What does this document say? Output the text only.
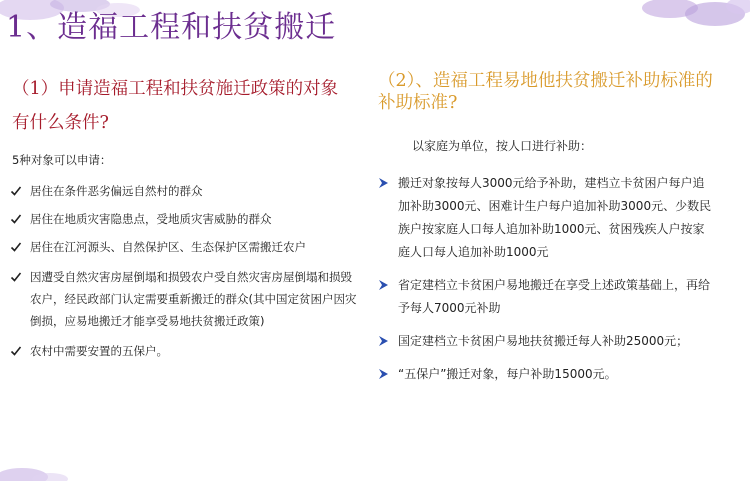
1、造福工程和扶贫搬迁
（1）申请造福工程和扶贫施迁政策的对象有什么条件?
5种对象可以申请：
居住在条件恶劣偏远自然村的群众
居住在地质灾害隐患点，受地质灾害威胁的群众
居住在江河源头、自然保护区、生态保护区需搬迁农户
因遭受自然灾害房屋倒塌和损毁农户受自然灾害房屋倒塌和损毁农户，经民政部门认定需要重新搬迁的群众(其中国定贫困户因灾倒损，应易地搬迁才能享受易地扶贫搬迁政策)
农村中需要安置的五保户。
（2）、造福工程易地他扶贫搬迁补助标准的补助标准?
以家庭为单位，按人口进行补助：
搬迁对象按每人3000元给予补助，建档立卡贫困户每户追加补助3000元、困难计生户每户追加补助3000元、少数民族户按家庭人口每人追加补助1000元、贫困残疾人户按家庭人口每人追加补助1000元
省定建档立卡贫困户易地搬迁在享受上述政策基础上，再给予每人7000元补助
国定建档立卡贫困户易地扶贫搬迁每人补助25000元；
“五保户”搬迁对象，每户补助15000元。
